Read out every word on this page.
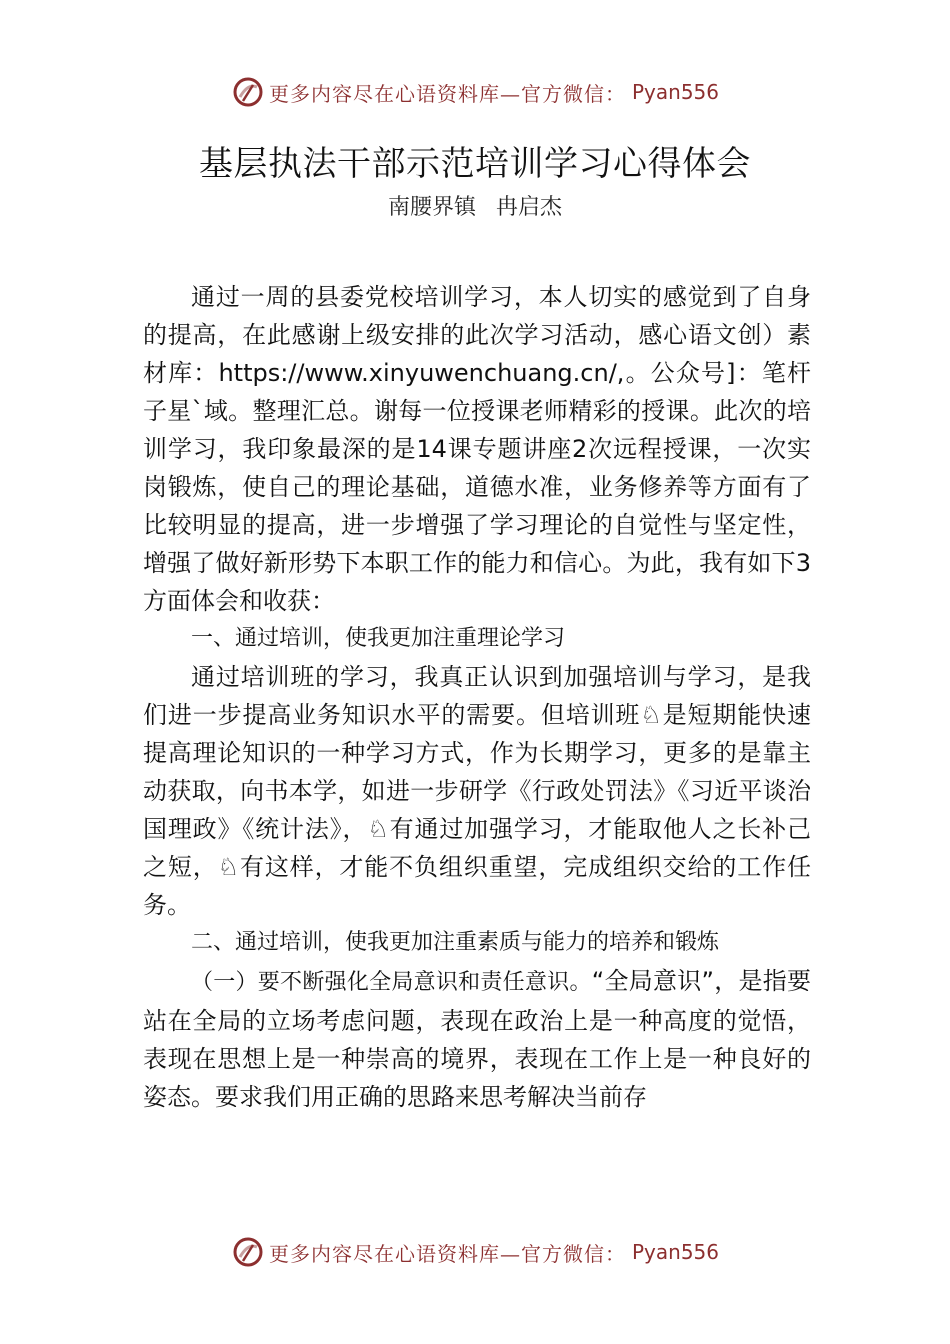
更多内容尽在心语资料库—官方微信： Pyan556
基层执法干部示范培训学习心得体会
南腰界镇 冉启杰

通过一周的县委党校培训学习，本人切实的感觉到了自身的提高，在此感谢上级安排的此次学习活动，感心语文创）素材库：https://www.xinyuwenchuang.cn/,。公众号]：笔杆子星`域。整理汇总。谢每一位授课老师精彩的授课。此次的培训学习，我印象最深的是14课专题讲座2次远程授课，一次实岗锻炼，使自己的理论基础，道德水准，业务修养等方面有了比较明显的提高，进一步增强了学习理论的自觉性与坚定性，增强了做好新形势下本职工作的能力和信心。为此，我有如下3方面体会和收获：

一、通过培训，使我更加注重理论学习

通过培训班的学习，我真正认识到加强培训与学习，是我们进一步提高业务知识水平的需要。但培训班♘是短期能快速提高理论知识的一种学习方式，作为长期学习，更多的是靠主动获取，向书本学，如进一步研学《行政处罚法》《习近平谈治国理政》《统计法》，♘有通过加强学习，才能取他人之长补己之短，♘有这样，才能不负组织重望，完成组织交给的工作任务。

二、通过培训，使我更加注重素质与能力的培养和锻炼

（一）要不断强化全局意识和责任意识。“全局意识”，是指要站在全局的立场考虑问题，表现在政治上是一种高度的觉悟，表现在思想上是一种崇高的境界，表现在工作上是一种良好的姿态。要求我们用正确的思路来思考解决当前存

更多内容尽在心语资料库—官方微信： Pyan556
